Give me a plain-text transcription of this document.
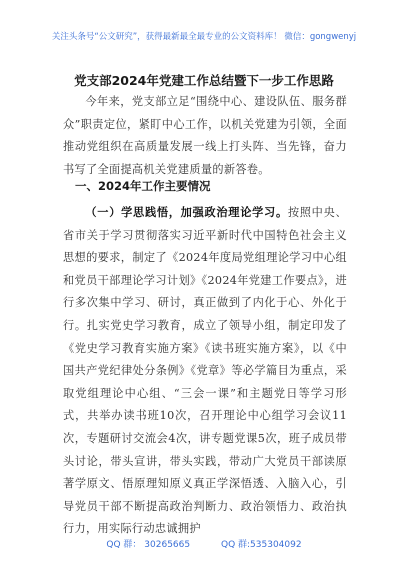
关注头条号“公文研究”，获得最新最全最专业的公文资料库！ 微信：gongwenyj
党支部2024年党建工作总结暨下一步工作思路
今年来，党支部立足“围绕中心、建设队伍、服务群众”职责定位，紧盯中心工作，以机关党建为引领，全面推动党组织在高质量发展一线上打头阵、当先锋，奋力书写了全面提高机关党建质量的新答卷。
一、2024年工作主要情况
（一）学思践悟，加强政治理论学习。按照中央、省市关于学习贯彻落实习近平新时代中国特色社会主义思想的要求，制定了《2024年度局党组理论学习中心组和党员干部理论学习计划》《2024年党建工作要点》，进行多次集中学习、研讨，真正做到了内化于心、外化于行。扎实党史学习教育，成立了领导小组，制定印发了《党史学习教育实施方案》《读书班实施方案》，以《中国共产党纪律处分条例》《党章》等必学篇目为重点，采取党组理论中心组、“三会一课”和主题党日等学习形式，共举办读书班10次，召开理论中心组学习会议11次，专题研讨交流会4次，讲专题党课5次，班子成员带头讨论，带头宣讲，带头实践，带动广大党员干部读原著学原文、悟原理知原义真正学深悟透、入脑入心，引导党员干部不断提高政治判断力、政治领悟力、政治执行力，用实际行动忠诚拥护
QQ 群： 30265665	QQ 群:535304092
